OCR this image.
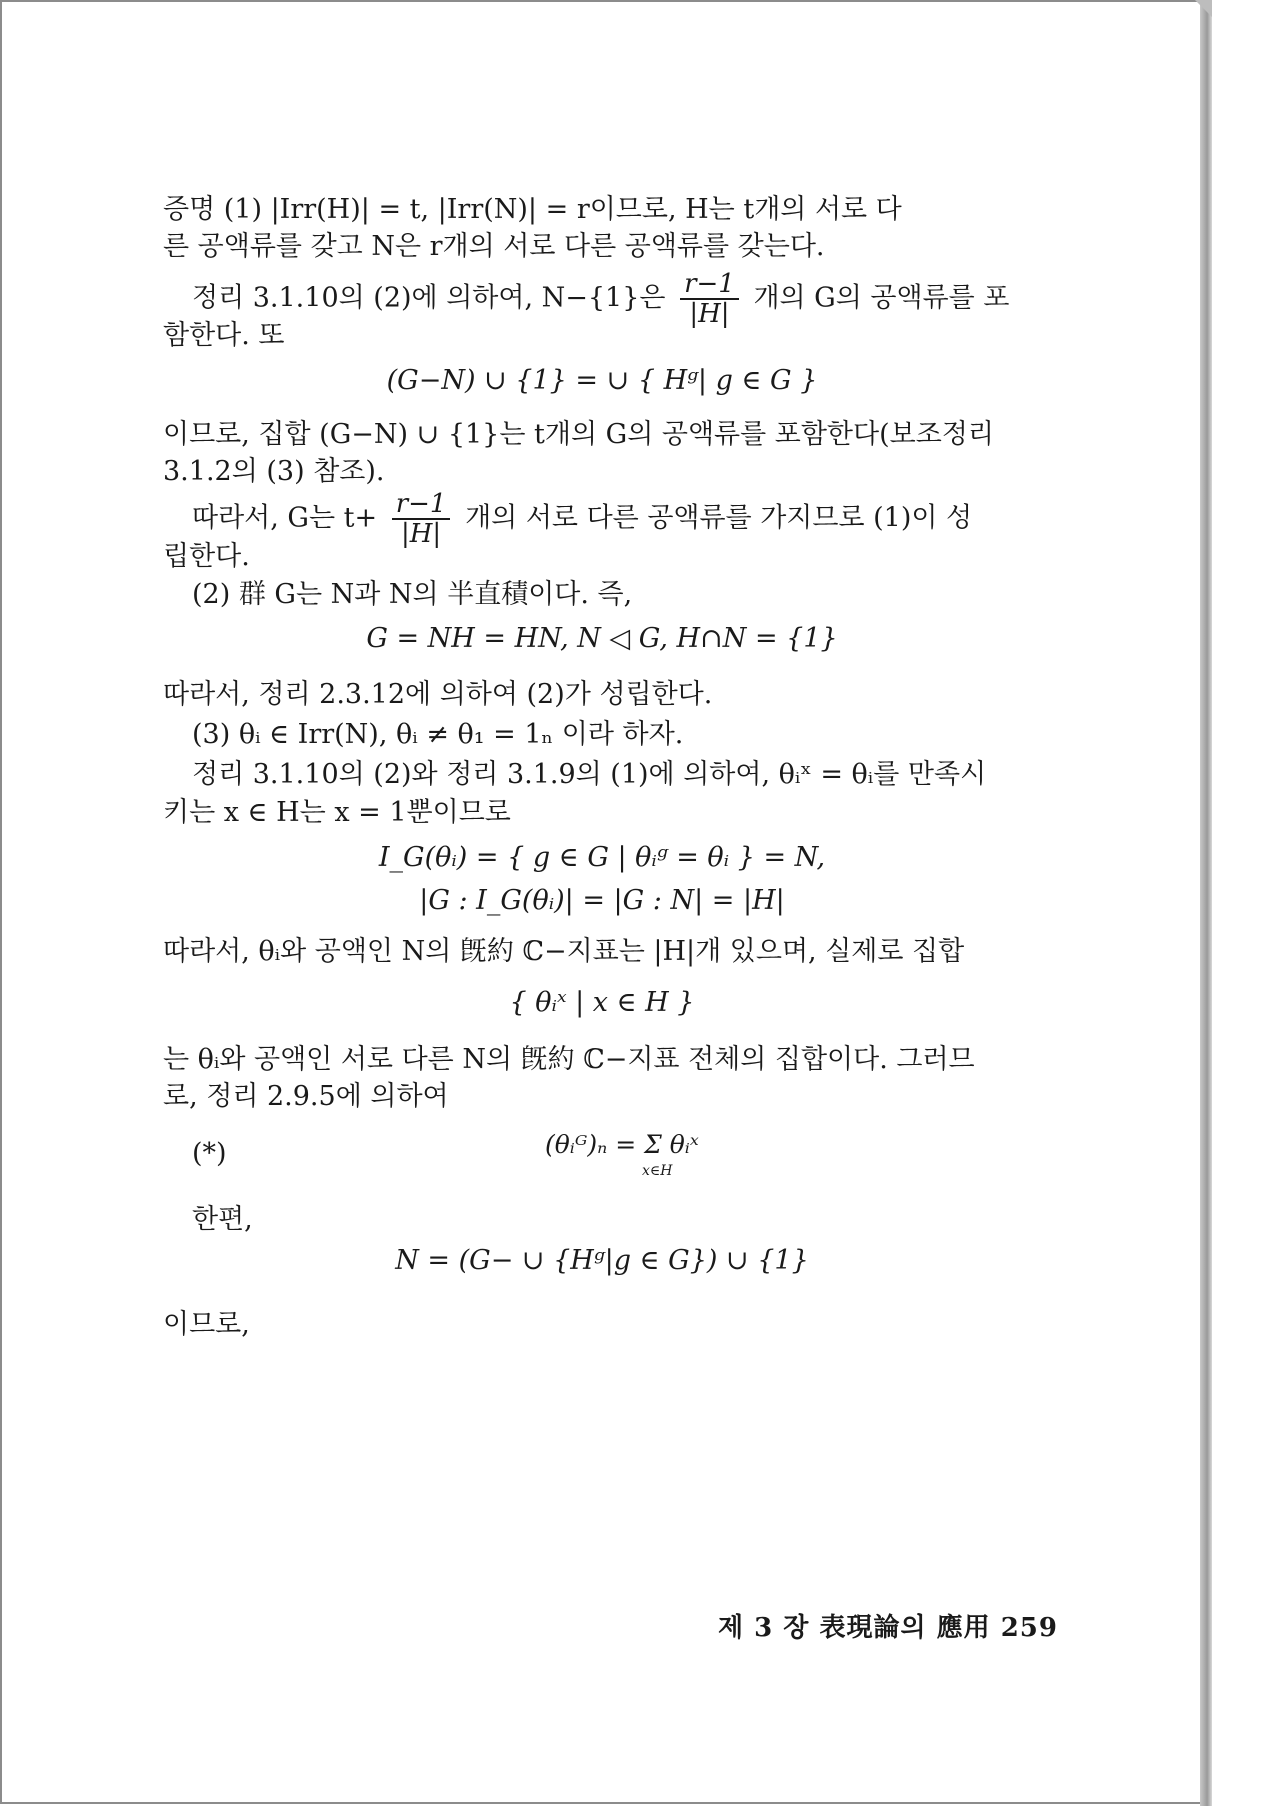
증명 (1) |Irr(H)| = t, |Irr(N)| = r이므로, H는 t개의 서로 다
른 공액류를 갖고 N은 r개의 서로 다른 공액류를 갖는다.
정리 3.1.10의 (2)에 의하여, N−{1}은 $\frac{r-1}{|H|}$ 개의 G의 공액류를 포
함한다. 또
(G−N) ∪ {1} = ∪ { Hᵍ| g ∈ G }
이므로, 집합 (G−N) ∪ {1}는 t개의 G의 공액류를 포함한다(보조정리
3.1.2의 (3) 참조).
따라서, G는 $t+ \frac{r-1}{|H|}$ 개의 서로 다른 공액류를 가지므로 (1)이 성
립한다.
(2) 群 G는 N과 N의 半直積이다. 즉,
G = NH = HN, N ◁ G, H∩N = {1}
따라서, 정리 2.3.12에 의하여 (2)가 성립한다.
(3) θᵢ ∈ Irr(N), θᵢ ≠ θ₁ = 1ₙ 이라 하자.
정리 3.1.10의 (2)와 정리 3.1.9의 (1)에 의하여, θᵢˣ = θᵢ를 만족시
키는 x ∈ H는 x = 1뿐이므로
I_G(θᵢ) = { g ∈ G | θᵢᵍ = θᵢ } = N,
|G : I_G(θᵢ)| = |G : N| = |H|
따라서, θᵢ와 공액인 N의 旣約 ℂ−지표는 |H|개 있으며, 실제로 집합
{ θᵢˣ | x ∈ H }
는 θᵢ와 공액인 서로 다른 N의 旣約 ℂ−지표 전체의 집합이다. 그러므
로, 정리 2.9.5에 의하여
(*)	(θᵢᴳ)ₙ = Σ θᵢˣ
x∈H
한편,
N = (G− ∪ {Hᵍ|g ∈ G}) ∪ {1}
이므로,
제 3 장 表現論의 應用 259
